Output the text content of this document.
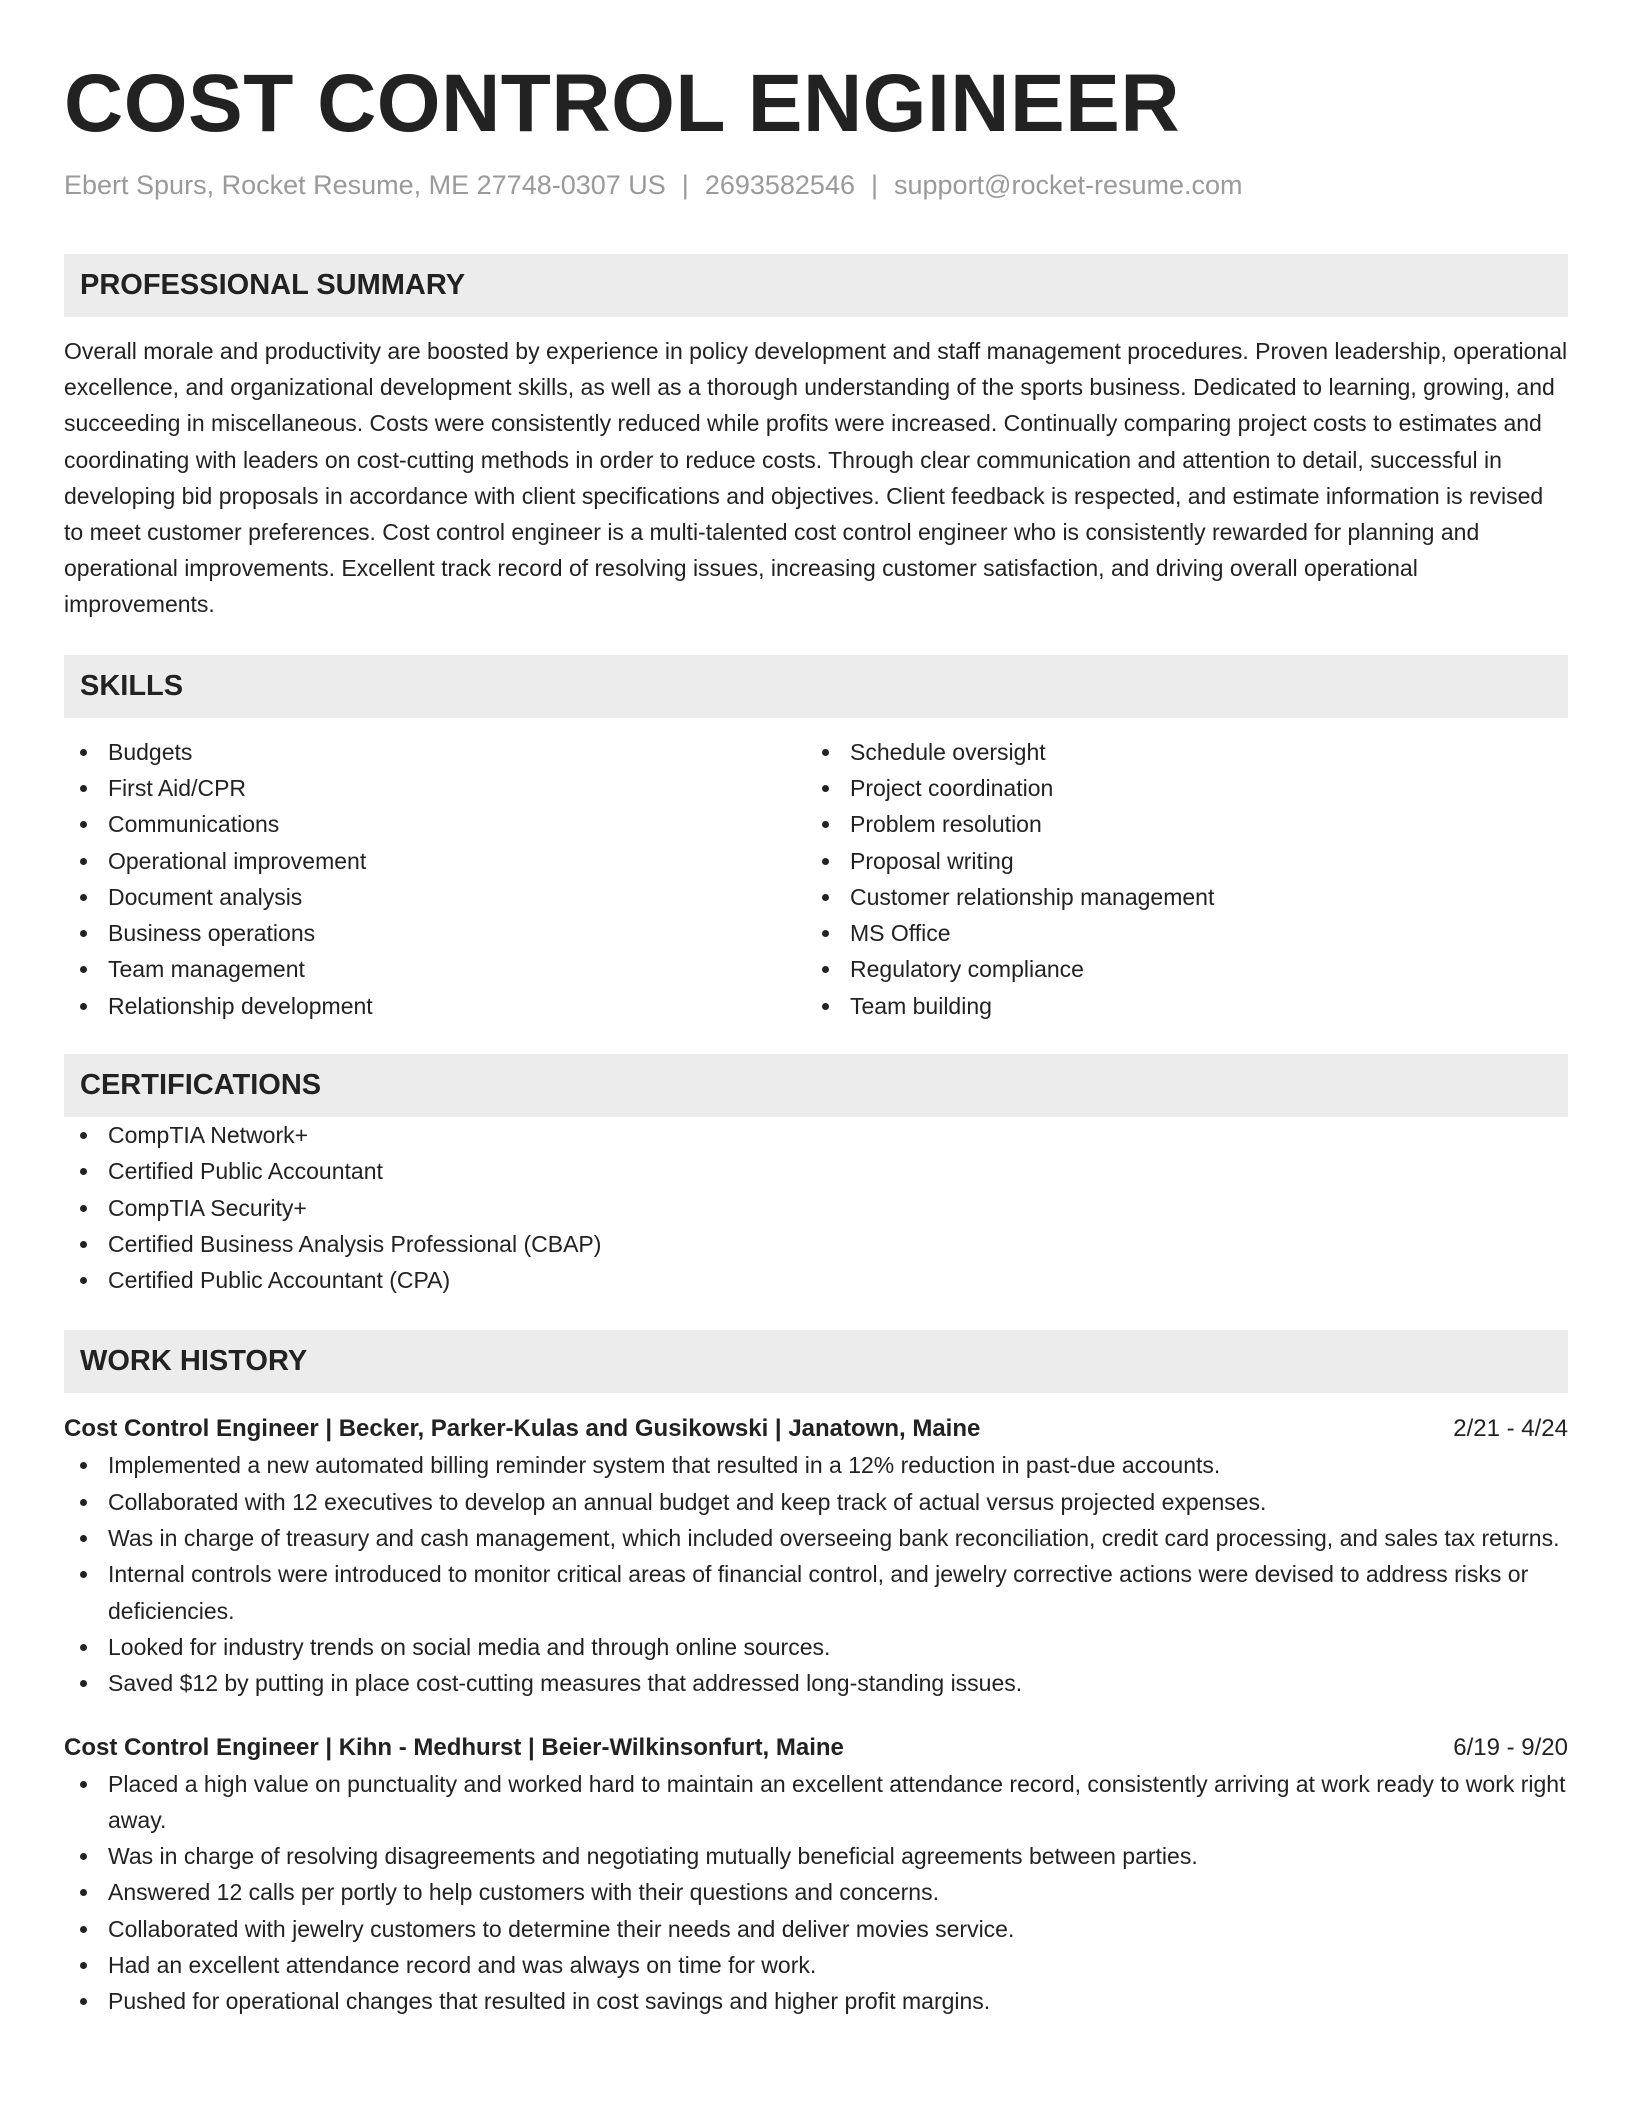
COST CONTROL ENGINEER
Ebert Spurs, Rocket Resume, ME 27748-0307 US | 2693582546 | support@rocket-resume.com
PROFESSIONAL SUMMARY

Overall morale and productivity are boosted by experience in policy development and staff management procedures. Proven leadership, operational excellence, and organizational development skills, as well as a thorough understanding of the sports business. Dedicated to learning, growing, and succeeding in miscellaneous. Costs were consistently reduced while profits were increased. Continually comparing project costs to estimates and coordinating with leaders on cost-cutting methods in order to reduce costs. Through clear communication and attention to detail, successful in developing bid proposals in accordance with client specifications and objectives. Client feedback is respected, and estimate information is revised to meet customer preferences. Cost control engineer is a multi-talented cost control engineer who is consistently rewarded for planning and operational improvements. Excellent track record of resolving issues, increasing customer satisfaction, and driving overall operational improvements.

SKILLS
Budgets
First Aid/CPR
Communications
Operational improvement
Document analysis
Business operations
Team management
Relationship development
Schedule oversight
Project coordination
Problem resolution
Proposal writing
Customer relationship management
MS Office
Regulatory compliance
Team building
CERTIFICATIONS
CompTIA Network+
Certified Public Accountant
CompTIA Security+
Certified Business Analysis Professional (CBAP)
Certified Public Accountant (CPA)
WORK HISTORY
Cost Control Engineer | Becker, Parker-Kulas and Gusikowski | Janatown, Maine	2/21 - 4/24
Implemented a new automated billing reminder system that resulted in a 12% reduction in past-due accounts.
Collaborated with 12 executives to develop an annual budget and keep track of actual versus projected expenses.
Was in charge of treasury and cash management, which included overseeing bank reconciliation, credit card processing, and sales tax returns.
Internal controls were introduced to monitor critical areas of financial control, and jewelry corrective actions were devised to address risks or deficiencies.
Looked for industry trends on social media and through online sources.
Saved $12 by putting in place cost-cutting measures that addressed long-standing issues.
Cost Control Engineer | Kihn - Medhurst | Beier-Wilkinsonfurt, Maine	6/19 - 9/20
Placed a high value on punctuality and worked hard to maintain an excellent attendance record, consistently arriving at work ready to work right away.
Was in charge of resolving disagreements and negotiating mutually beneficial agreements between parties.
Answered 12 calls per portly to help customers with their questions and concerns.
Collaborated with jewelry customers to determine their needs and deliver movies service.
Had an excellent attendance record and was always on time for work.
Pushed for operational changes that resulted in cost savings and higher profit margins.
